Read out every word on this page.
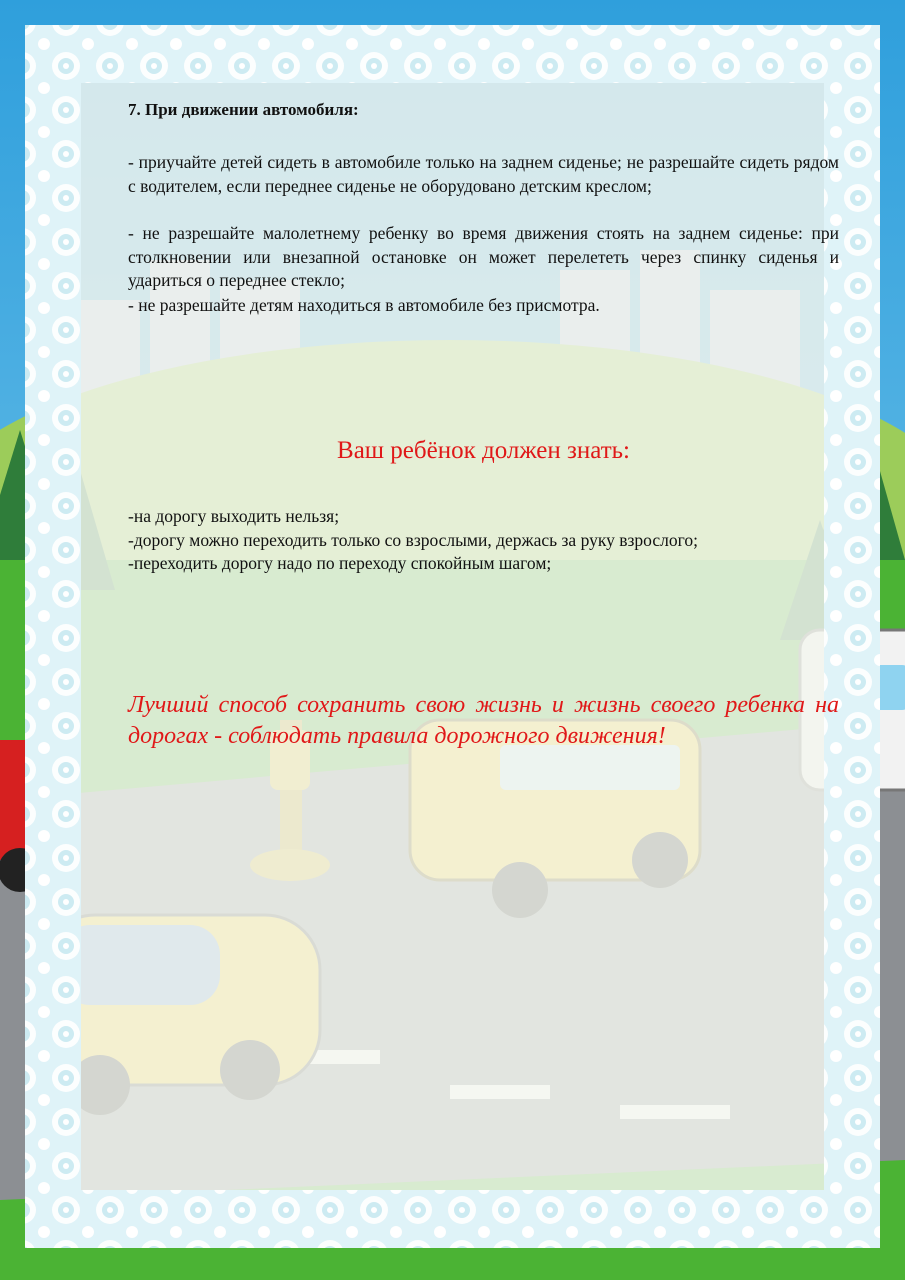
7. При движении автомобиля:
- приучайте детей сидеть в автомобиле только на заднем сиденье; не разрешайте сидеть рядом с водителем, если переднее сиденье не оборудовано детским креслом;
- не разрешайте малолетнему ребенку во время движения стоять на заднем сиденье: при столкновении или внезапной остановке он может перелететь через спинку сиденья и удариться о переднее стекло;
- не разрешайте детям находиться в автомобиле без присмотра.
Ваш ребёнок должен знать:
-на дорогу выходить нельзя;
-дорогу можно переходить только со взрослыми, держась за руку взрослого;
-переходить дорогу надо по переходу спокойным шагом;
Лучший способ сохранить свою жизнь и жизнь своего ребенка на дорогах - соблюдать правила дорожного движения!
